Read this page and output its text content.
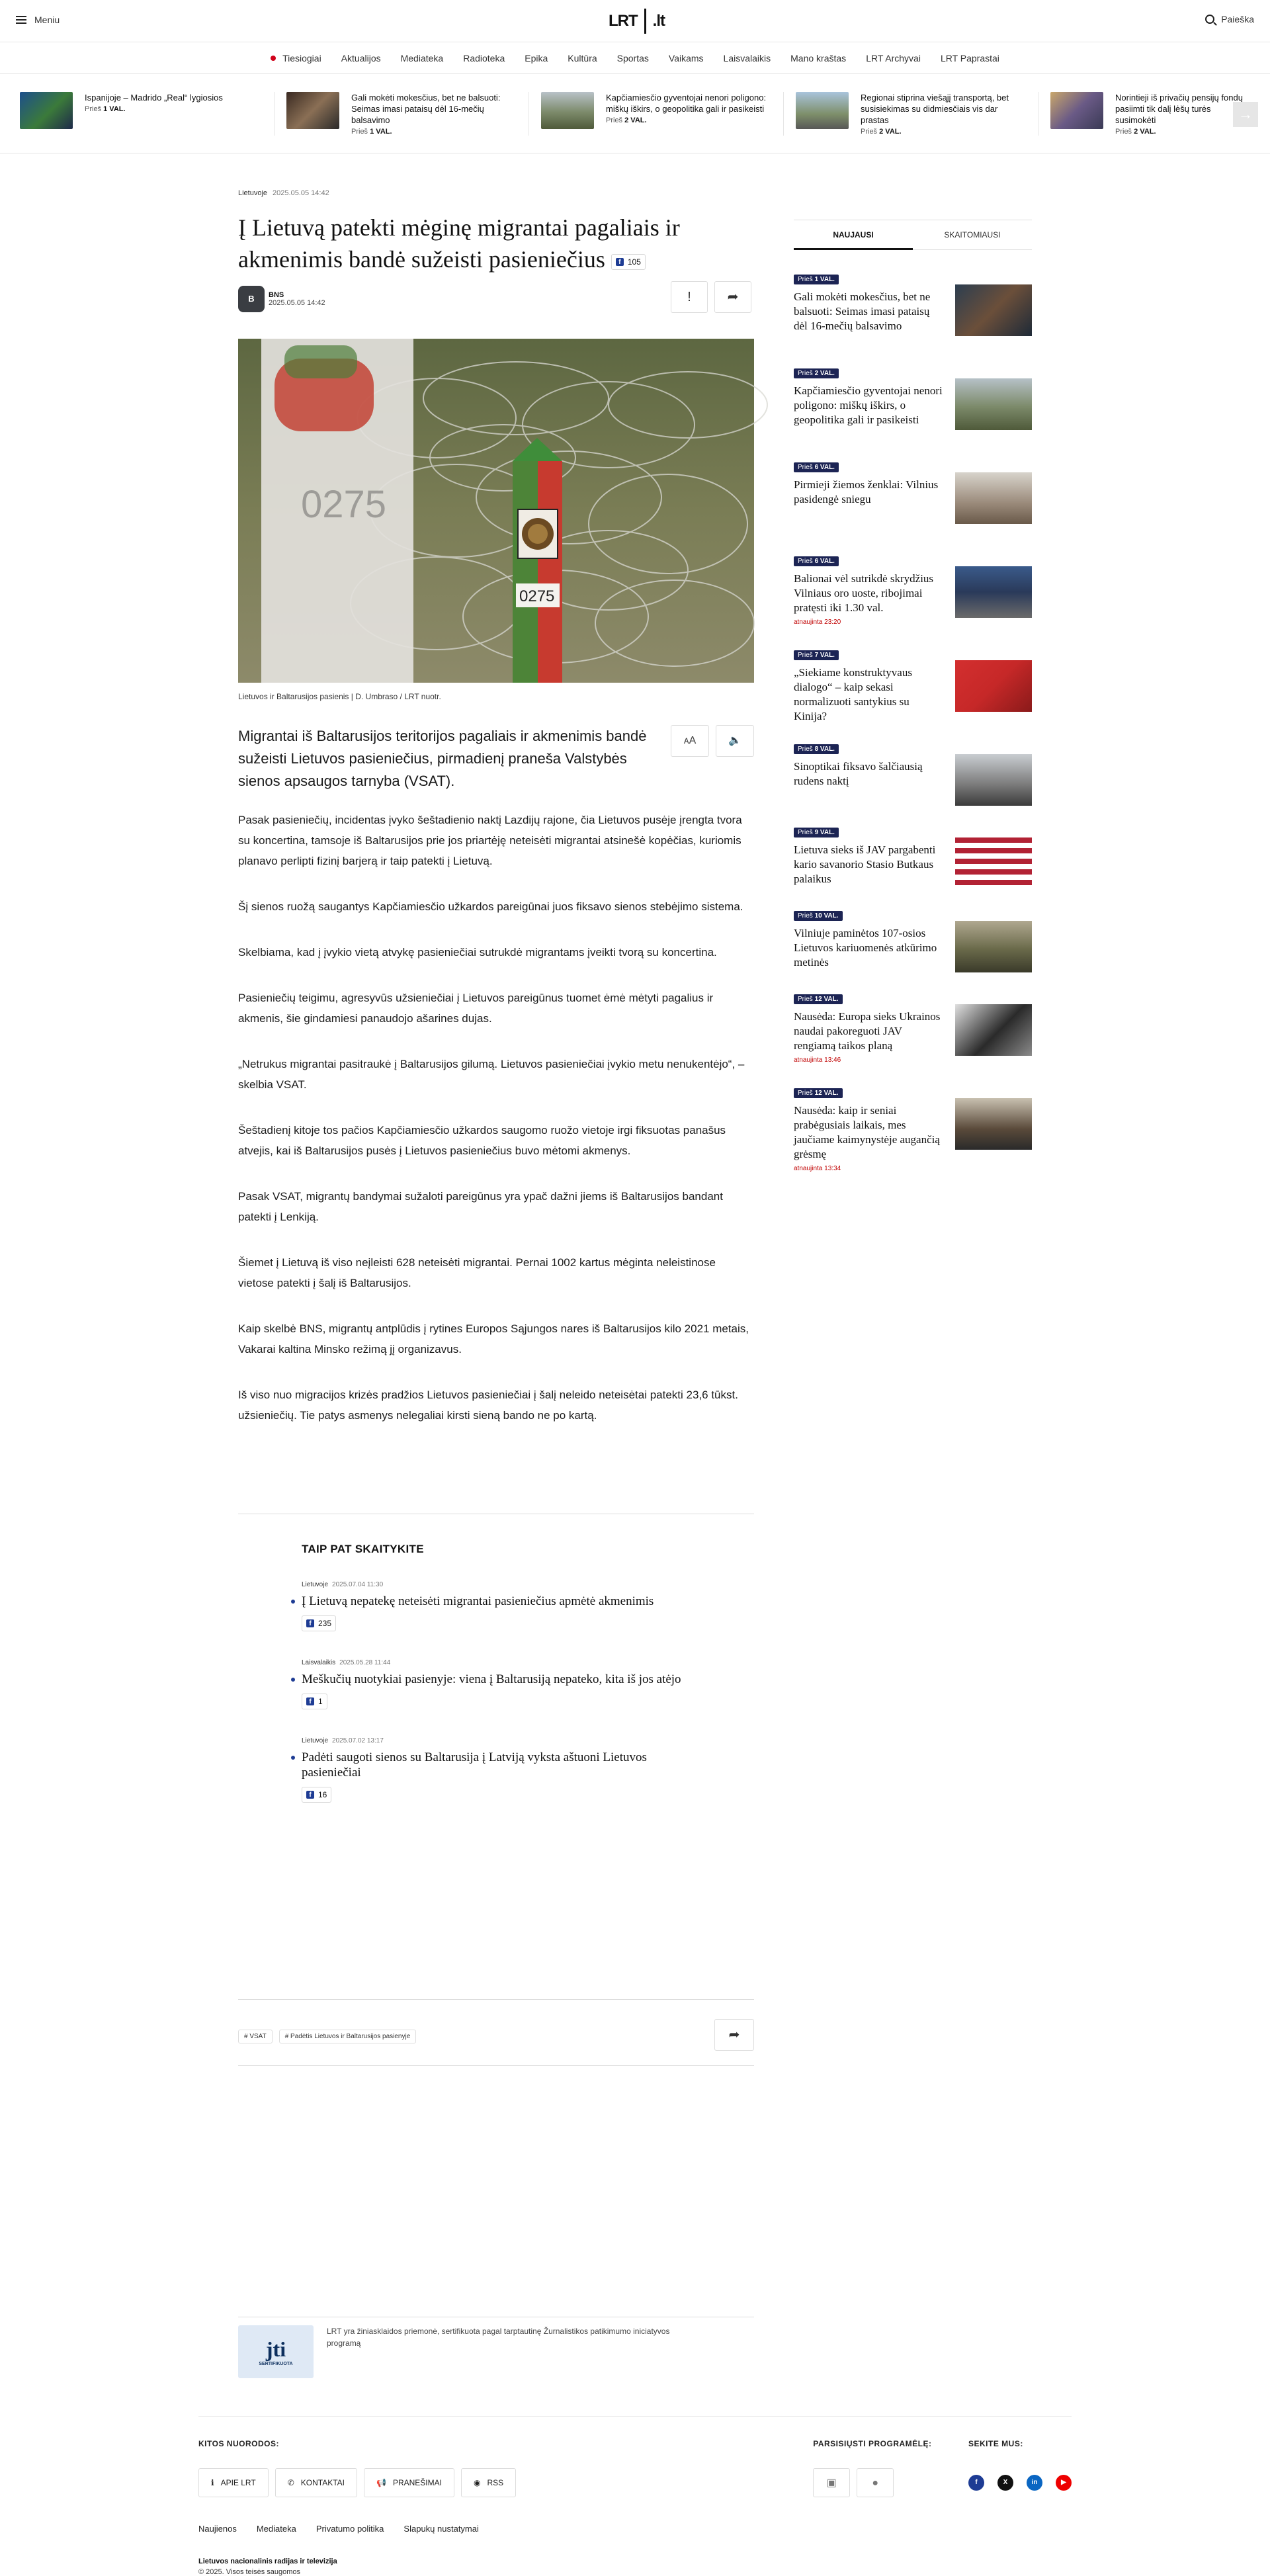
Meniu	LRT .lt	Paieška
Tiesiogiai Aktualijos Mediateka Radioteka Epika Kultūra Sportas Vaikams Laisvalaikis Mano kraštas LRT Archyvai LRT Paprastai
Ispanijoje – Madrido „Real“ lygiosios
Prieš 1 VAL.
Gali mokėti mokesčius, bet ne balsuoti: Seimas imasi pataisų dėl 16-mečių balsavimo
Prieš 1 VAL.
Kapčiamiesčio gyventojai nenori poligono: miškų iškirs, o geopolitika gali ir pasikeisti
Prieš 2 VAL.
Regionai stiprina viešąjį transportą, bet susisiekimas su didmiesčiais vis dar prastas
Prieš 2 VAL.
Norintieji iš privačių pensijų fondų pasiimti tik dalį lėšų turės susimokėti
Prieš 2 VAL.
→
Lietuvoje 2025.05.05 14:42
Į Lietuvą patekti mėginę migrantai pagaliais ir akmenimis bandė sužeisti pasieniečius	f 105
B	BNS
2025.05.05 14:42	!	➦
0275
0275
Lietuvos ir Baltarusijos pasienis | D. Umbraso / LRT nuotr.
Migrantai iš Baltarusijos teritorijos pagaliais ir akmenimis bandė sužeisti Lietuvos pasieniečius, pirmadienį praneša Valstybės sienos apsaugos tarnyba (VSAT).
ᴀA	🔈

Pasak pasieniečių, incidentas įvyko šeštadienio naktį Lazdijų rajone, čia Lietuvos pusėje įrengta tvora su koncertina, tamsoje iš Baltarusijos prie jos priartėję neteisėti migrantai atsinešė kopėčias, kuriomis planavo perlipti fizinį barjerą ir taip patekti į Lietuvą.

Šį sienos ruožą saugantys Kapčiamiesčio užkardos pareigūnai juos fiksavo sienos stebėjimo sistema.

Skelbiama, kad į įvykio vietą atvykę pasieniečiai sutrukdė migrantams įveikti tvorą su koncertina.

Pasieniečių teigimu, agresyvūs užsieniečiai į Lietuvos pareigūnus tuomet ėmė mėtyti pagalius ir akmenis, šie gindamiesi panaudojo ašarines dujas.

„Netrukus migrantai pasitraukė į Baltarusijos gilumą. Lietuvos pasieniečiai įvykio metu nenukentėjo“, – skelbia VSAT.

Šeštadienį kitoje tos pačios Kapčiamiesčio užkardos saugomo ruožo vietoje irgi fiksuotas panašus atvejis, kai iš Baltarusijos pusės į Lietuvos pasieniečius buvo mėtomi akmenys.

Pasak VSAT, migrantų bandymai sužaloti pareigūnus yra ypač dažni jiems iš Baltarusijos bandant patekti į Lenkiją.

Šiemet į Lietuvą iš viso neįleisti 628 neteisėti migrantai. Pernai 1002 kartus mėginta neleistinose vietose patekti į šalį iš Baltarusijos.

Kaip skelbė BNS, migrantų antplūdis į rytines Europos Sąjungos nares iš Baltarusijos kilo 2021 metais, Vakarai kaltina Minsko režimą jį organizavus.

Iš viso nuo migracijos krizės pradžios Lietuvos pasieniečiai į šalį neleido neteisėtai patekti 23,6 tūkst. užsieniečių. Tie patys asmenys nelegaliai kirsti sieną bando ne po kartą.

TAIP PAT SKAITYKITE
Lietuvoje 2025.07.04 11:30
Į Lietuvą nepatekę neteisėti migrantai pasieniečius apmėtė akmenimis
f 235
Laisvalaikis 2025.05.28 11:44
Meškučių nuotykiai pasienyje: viena į Baltarusiją nepateko, kita iš jos atėjo
f 1
Lietuvoje 2025.07.02 13:17
Padėti saugoti sienos su Baltarusija į Latviją vyksta aštuoni Lietuvos pasieniečiai
f 16
# VSAT	# Padėtis Lietuvos ir Baltarusijos pasienyje	➦
jti
SERTIFIKUOTA
LRT yra žiniasklaidos priemonė, sertifikuota pagal tarptautinę Žurnalistikos patikimumo iniciatyvos programą
NAUJAUSI	SKAITOMIAUSI
Prieš 1 VAL.
Gali mokėti mokesčius, bet ne balsuoti: Seimas imasi pataisų dėl 16-mečių balsavimo
Prieš 2 VAL.
Kapčiamiesčio gyventojai nenori poligono: miškų iškirs, o geopolitika gali ir pasikeisti
Prieš 6 VAL.
Pirmieji žiemos ženklai: Vilnius pasidengė sniegu
Prieš 6 VAL.
Balionai vėl sutrikdė skrydžius Vilniaus oro uoste, ribojimai pratęsti iki 1.30 val.
atnaujinta 23:20
Prieš 7 VAL.
„Siekiame konstruktyvaus dialogo“ – kaip sekasi normalizuoti santykius su Kinija?
Prieš 8 VAL.
Sinoptikai fiksavo šalčiausią rudens naktį
Prieš 9 VAL.
Lietuva sieks iš JAV pargabenti kario savanorio Stasio Butkaus palaikus
Prieš 10 VAL.
Vilniuje paminėtos 107-osios Lietuvos kariuomenės atkūrimo metinės
Prieš 12 VAL.
Nausėda: Europa sieks Ukrainos naudai pakoreguoti JAV rengiamą taikos planą
atnaujinta 13:46
Prieš 12 VAL.
Nausėda: kaip ir seniai prabėgusiais laikais, mes jaučiame kaimynystėje augančią grėsmę
atnaujinta 13:34
KITOS NUORODOS:
ℹ APIE LRT	✆ KONTAKTAI	📢 PRANEŠIMAI	◉ RSS
PARSISIŲSTI PROGRAMĖLĘ:
▣	●
SEKITE MUS:
f	X	in	▶
Naujienos Mediateka Privatumo politika Slapukų nustatymai
Lietuvos nacionalinis radijas ir televizija
© 2025. Visos teisės saugomos
